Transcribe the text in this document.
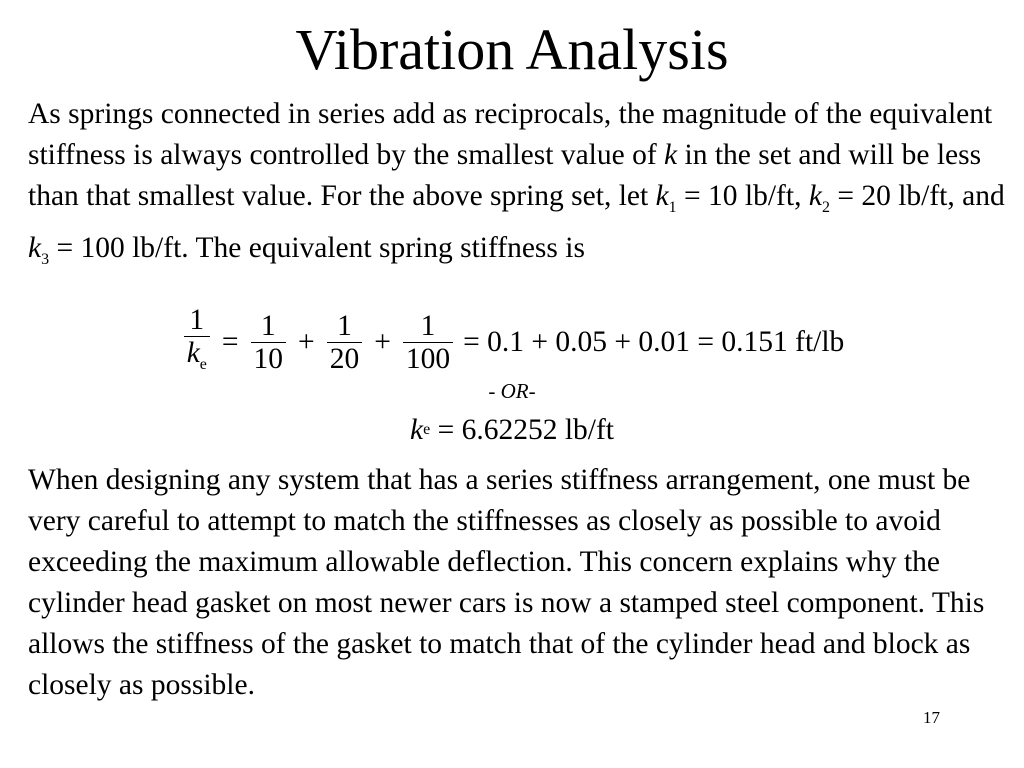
Vibration Analysis

As springs connected in series add as reciprocals, the magnitude of the equivalent stiffness is always controlled by the smallest value of k in the set and will be less than that smallest value. For the above spring set, let $k_1 = 10$ lb/ft, $k_2 = 20$ lb/ft, and $k_3 = 100$ lb/ft. The equivalent spring stiffness is

$\frac{1}{k_e} = \frac{1}{10} + \frac{1}{20} + \frac{1}{100} = 0.1 + 0.05 + 0.01 = 0.151$ ft/lb
- OR-
k e = 6.62252 lb/ft

When designing any system that has a series stiffness arrangement, one must be very careful to attempt to match the stiffnesses as closely as possible to avoid exceeding the maximum allowable deflection. This concern explains why the cylinder head gasket on most newer cars is now a stamped steel component. This allows the stiffness of the gasket to match that of the cylinder head and block as closely as possible.

17
